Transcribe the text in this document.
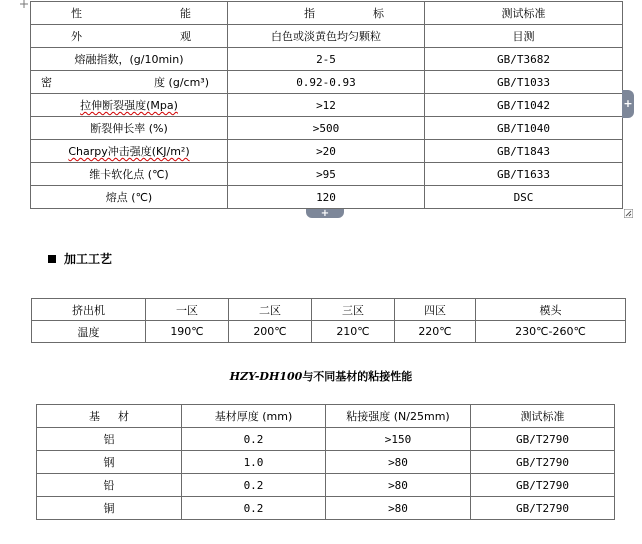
性 能	指 标	测试标准

外 观	白色或淡黄色均匀颗粒	目测
熔融指数，(g/10min)	2-5	GB/T3682

密 度 (g/cm³)	0.92-0.93	GB/T1033
拉伸断裂强度(Mpa)	>12	GB/T1042
断裂伸长率 (%)	>500	GB/T1040
Charpy冲击强度(KJ/m²)	>20	GB/T1843
维卡软化点 (℃)	>95	GB/T1633
熔点 (℃)	120	DSC
+
+
加工工艺
挤出机	一区	二区	三区	四区	模头
温度	190℃	200℃	210℃	220℃	230℃-260℃
HZY-DH100与不同基材的粘接性能
基 材	基材厚度 (mm)	粘接强度 (N/25mm)	测试标准
铝	0.2	>150	GB/T2790
钢	1.0	>80	GB/T2790
铅	0.2	>80	GB/T2790
铜	0.2	>80	GB/T2790
